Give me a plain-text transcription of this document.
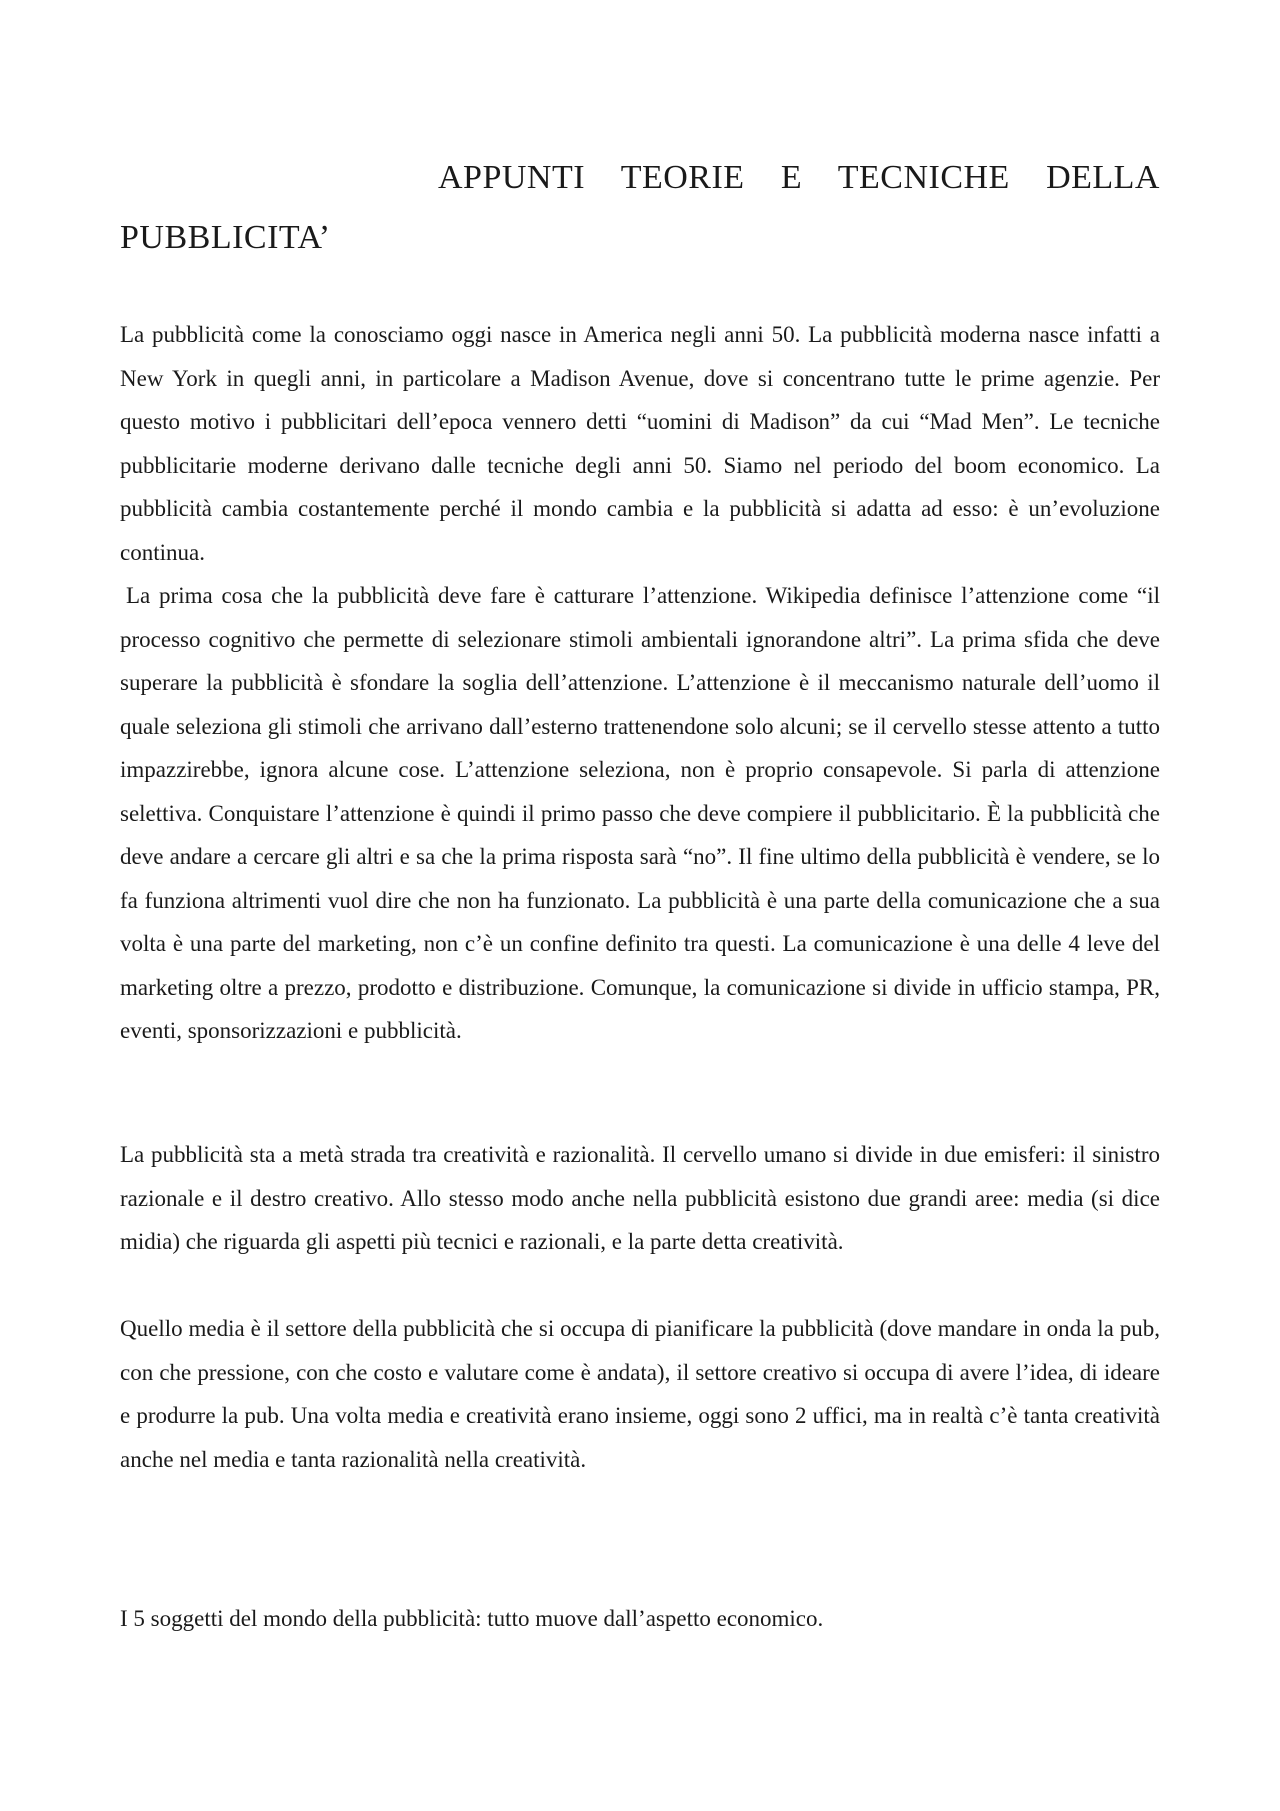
APPUNTI TEORIE E TECNICHE DELLA
PUBBLICITA’

La pubblicità come la conosciamo oggi nasce in America negli anni 50. La pubblicità moderna nasce infatti a New York in quegli anni, in particolare a Madison Avenue, dove si concentrano tutte le prime agenzie. Per questo motivo i pubblicitari dell’epoca vennero detti “uomini di Madison” da cui “Mad Men”. Le tecniche pubblicitarie moderne derivano dalle tecniche degli anni 50. Siamo nel periodo del boom economico. La pubblicità cambia costantemente perché il mondo cambia e la pubblicità si adatta ad esso: è un’evoluzione continua.

La prima cosa che la pubblicità deve fare è catturare l’attenzione. Wikipedia definisce l’attenzione come “il processo cognitivo che permette di selezionare stimoli ambientali ignorandone altri”. La prima sfida che deve superare la pubblicità è sfondare la soglia dell’attenzione. L’attenzione è il meccanismo naturale dell’uomo il quale seleziona gli stimoli che arrivano dall’esterno trattenendone solo alcuni; se il cervello stesse attento a tutto impazzirebbe, ignora alcune cose. L’attenzione seleziona, non è proprio consapevole. Si parla di attenzione selettiva. Conquistare l’attenzione è quindi il primo passo che deve compiere il pubblicitario. È la pubblicità che deve andare a cercare gli altri e sa che la prima risposta sarà “no”. Il fine ultimo della pubblicità è vendere, se lo fa funziona altrimenti vuol dire che non ha funzionato. La pubblicità è una parte della comunicazione che a sua volta è una parte del marketing, non c’è un confine definito tra questi. La comunicazione è una delle 4 leve del marketing oltre a prezzo, prodotto e distribuzione. Comunque, la comunicazione si divide in ufficio stampa, PR, eventi, sponsorizzazioni e pubblicità.

La pubblicità sta a metà strada tra creatività e razionalità. Il cervello umano si divide in due emisferi: il sinistro razionale e il destro creativo. Allo stesso modo anche nella pubblicità esistono due grandi aree: media (si dice midia) che riguarda gli aspetti più tecnici e razionali, e la parte detta creatività.

Quello media è il settore della pubblicità che si occupa di pianificare la pubblicità (dove mandare in onda la pub, con che pressione, con che costo e valutare come è andata), il settore creativo si occupa di avere l’idea, di ideare e produrre la pub. Una volta media e creatività erano insieme, oggi sono 2 uffici, ma in realtà c’è tanta creatività anche nel media e tanta razionalità nella creatività.

I 5 soggetti del mondo della pubblicità: tutto muove dall’aspetto economico.
